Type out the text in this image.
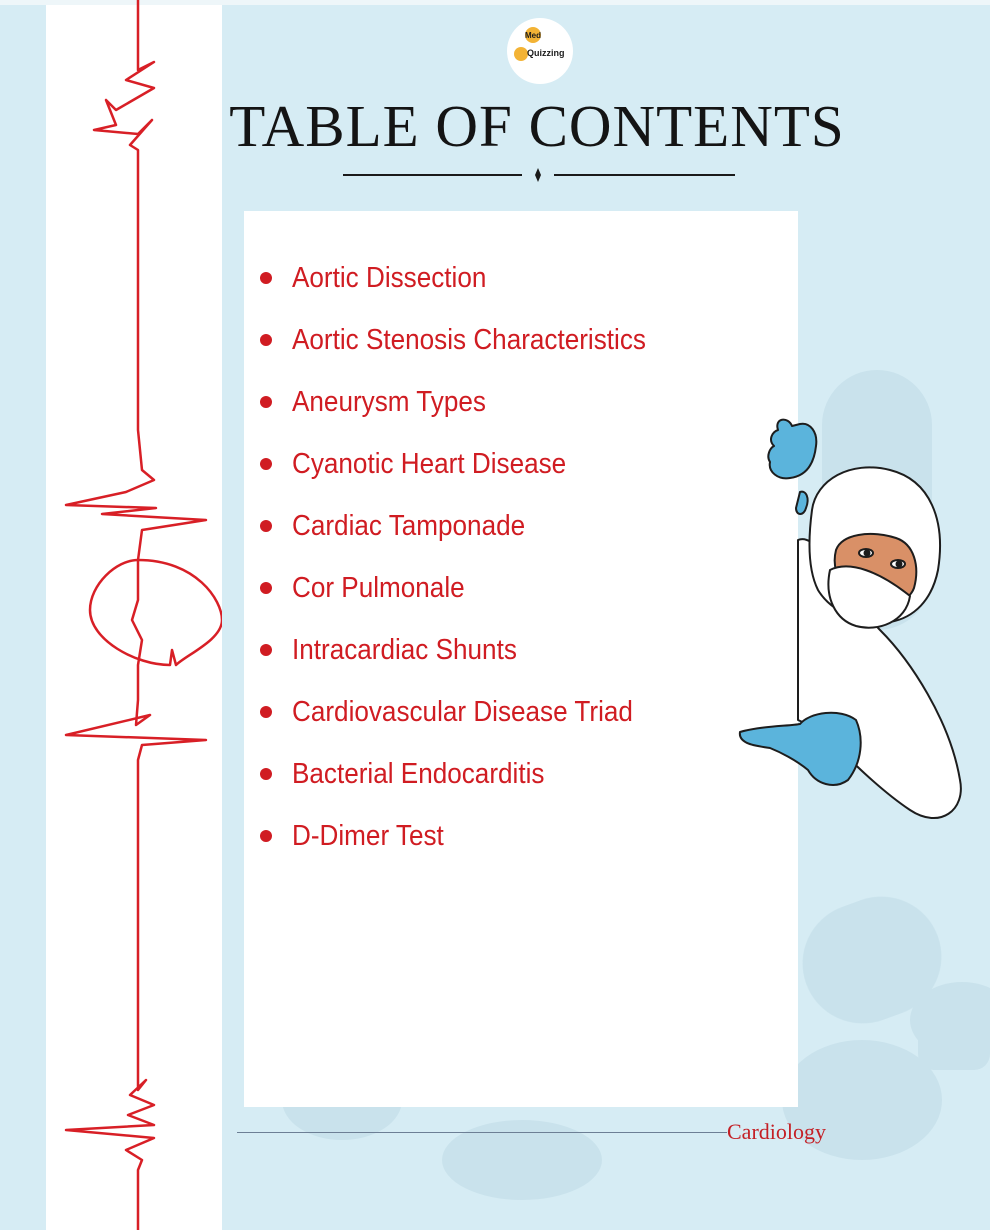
Med
Quizzing
TABLE OF CONTENTS
Aortic Dissection
Aortic Stenosis Characteristics
Aneurysm Types
Cyanotic Heart Disease
Cardiac Tamponade
Cor Pulmonale
Intracardiac Shunts
Cardiovascular Disease Triad
Bacterial Endocarditis
D-Dimer Test
Cardiology
